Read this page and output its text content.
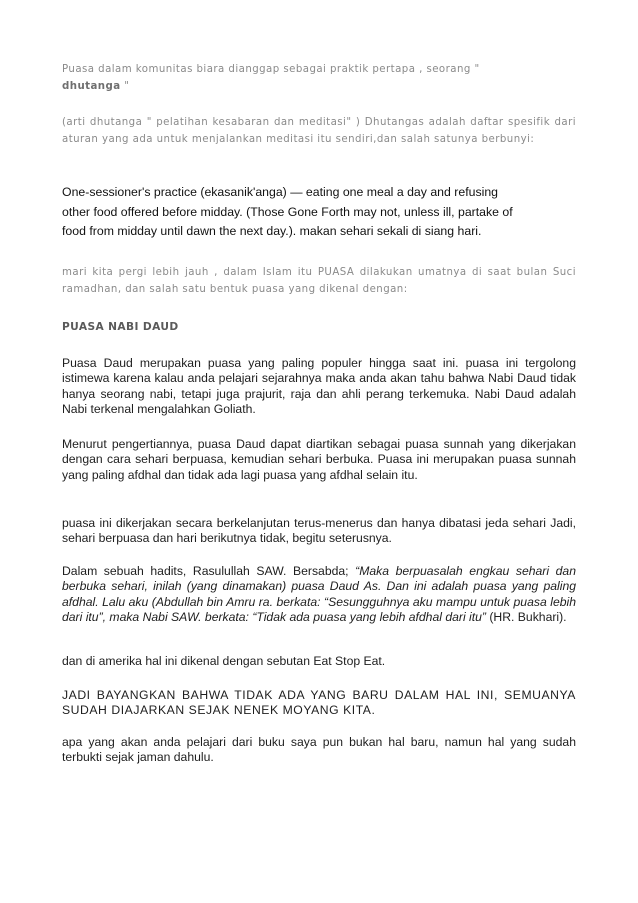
Puasa dalam komunitas biara dianggap sebagai praktik pertapa , seorang "
dhutanga "

(arti dhutanga " pelatihan kesabaran dan meditasi" ) Dhutangas adalah daftar spesifik dari aturan yang ada untuk menjalankan meditasi itu sendiri,dan salah satunya berbunyi:

One-sessioner's practice (ekasanik'anga) — eating one meal a day and refusing
other food offered before midday. (Those Gone Forth may not, unless ill, partake of
food from midday until dawn the next day.). makan sehari sekali di siang hari.

mari kita pergi lebih jauh , dalam Islam itu PUASA dilakukan umatnya di saat bulan Suci ramadhan, dan salah satu bentuk puasa yang dikenal dengan:

PUASA NABI DAUD

Puasa Daud merupakan puasa yang paling populer hingga saat ini. puasa ini tergolong istimewa karena kalau anda pelajari sejarahnya maka anda akan tahu bahwa Nabi Daud tidak hanya seorang nabi, tetapi juga prajurit, raja dan ahli perang terkemuka. Nabi Daud adalah Nabi terkenal mengalahkan Goliath.

Menurut pengertiannya, puasa Daud dapat diartikan sebagai puasa sunnah yang dikerjakan dengan cara sehari berpuasa, kemudian sehari berbuka. Puasa ini merupakan puasa sunnah yang paling afdhal dan tidak ada lagi puasa yang afdhal selain itu.

puasa ini dikerjakan secara berkelanjutan terus-menerus dan hanya dibatasi jeda sehari Jadi, sehari berpuasa dan hari berikutnya tidak, begitu seterusnya.

Dalam sebuah hadits, Rasulullah SAW. Bersabda; “Maka berpuasalah engkau sehari dan berbuka sehari, inilah (yang dinamakan) puasa Daud As. Dan ini adalah puasa yang paling afdhal. Lalu aku (Abdullah bin Amru ra. berkata: “Sesungguhnya aku mampu untuk puasa lebih dari itu”, maka Nabi SAW. berkata: “Tidak ada puasa yang lebih afdhal dari itu” (HR. Bukhari).

dan di amerika hal ini dikenal dengan sebutan Eat Stop Eat.

JADI BAYANGKAN BAHWA TIDAK ADA YANG BARU DALAM HAL INI, SEMUANYA SUDAH DIAJARKAN SEJAK NENEK MOYANG KITA.

apa yang akan anda pelajari dari buku saya pun bukan hal baru, namun hal yang sudah terbukti sejak jaman dahulu.
